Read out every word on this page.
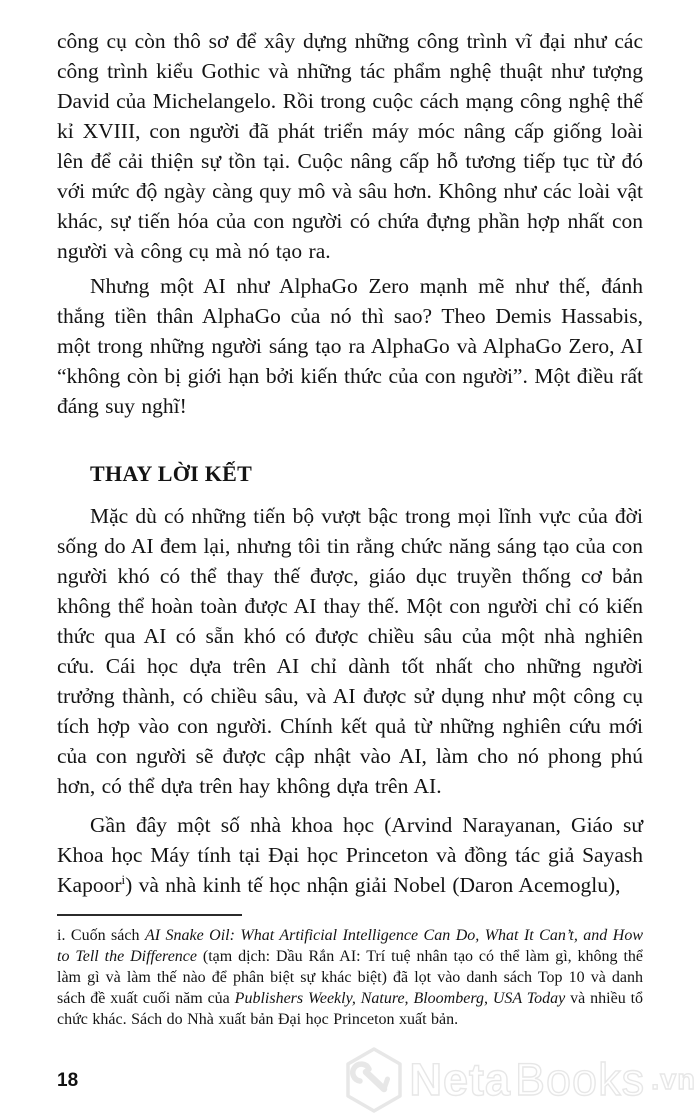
công cụ còn thô sơ để xây dựng những công trình vĩ đại như các công trình kiểu Gothic và những tác phẩm nghệ thuật như tượng David của Michelangelo. Rồi trong cuộc cách mạng công nghệ thế kỉ XVIII, con người đã phát triển máy móc nâng cấp giống loài lên để cải thiện sự tồn tại. Cuộc nâng cấp hỗ tương tiếp tục từ đó với mức độ ngày càng quy mô và sâu hơn. Không như các loài vật khác, sự tiến hóa của con người có chứa đựng phần hợp nhất con người và công cụ mà nó tạo ra.

Nhưng một AI như AlphaGo Zero mạnh mẽ như thế, đánh thắng tiền thân AlphaGo của nó thì sao? Theo Demis Hassabis, một trong những người sáng tạo ra AlphaGo và AlphaGo Zero, AI “không còn bị giới hạn bởi kiến thức của con người”. Một điều rất đáng suy nghĩ!

THAY LỜI KẾT

Mặc dù có những tiến bộ vượt bậc trong mọi lĩnh vực của đời sống do AI đem lại, nhưng tôi tin rằng chức năng sáng tạo của con người khó có thể thay thế được, giáo dục truyền thống cơ bản không thể hoàn toàn được AI thay thế. Một con người chỉ có kiến thức qua AI có sẵn khó có được chiều sâu của một nhà nghiên cứu. Cái học dựa trên AI chỉ dành tốt nhất cho những người trưởng thành, có chiều sâu, và AI được sử dụng như một công cụ tích hợp vào con người. Chính kết quả từ những nghiên cứu mới của con người sẽ được cập nhật vào AI, làm cho nó phong phú hơn, có thể dựa trên hay không dựa trên AI.

Gần đây một số nhà khoa học (Arvind Narayanan, Giáo sư Khoa học Máy tính tại Đại học Princeton và đồng tác giả Sayash Kapoor$^i$) và nhà kinh tế học nhận giải Nobel (Daron Acemoglu),

i. Cuốn sách AI Snake Oil: What Artificial Intelligence Can Do, What It Can’t, and How to Tell the Difference (tạm dịch: Dầu Rắn AI: Trí tuệ nhân tạo có thể làm gì, không thể làm gì và làm thế nào để phân biệt sự khác biệt) đã lọt vào danh sách Top 10 và danh sách đề xuất cuối năm của Publishers Weekly, Nature, Bloomberg, USA Today và nhiều tổ chức khác. Sách do Nhà xuất bản Đại học Princeton xuất bản.
18	Neta Books .vn
